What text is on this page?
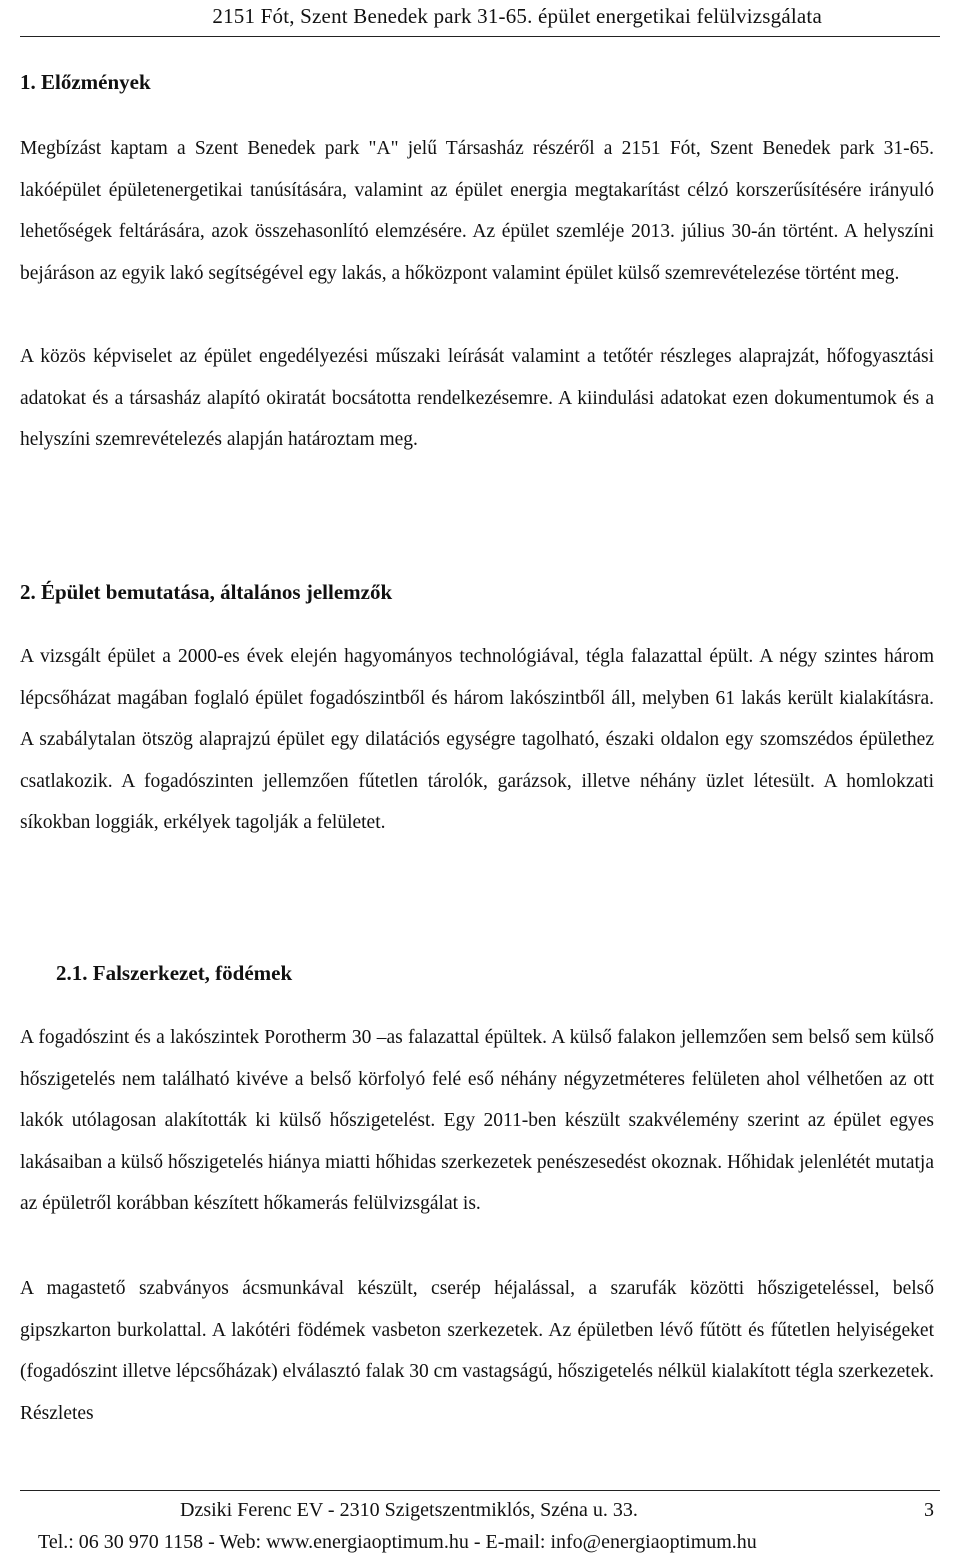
2151 Fót, Szent Benedek park 31-65. épület energetikai felülvizsgálata
1. Előzmények
Megbízást kaptam a Szent Benedek park "A" jelű Társasház részéről a 2151 Fót, Szent Benedek park 31-65. lakóépület épületenergetikai tanúsítására, valamint az épület energia megtakarítást célzó korszerűsítésére irányuló lehetőségek feltárására, azok összehasonlító elemzésére. Az épület szemléje 2013. július 30-án történt. A helyszíni bejáráson az egyik lakó segítségével egy lakás, a hőközpont valamint épület külső szemrevételezése történt meg.
A közös képviselet az épület engedélyezési műszaki leírását valamint a tetőtér részleges alaprajzát, hőfogyasztási adatokat és a társasház alapító okiratát bocsátotta rendelkezésemre. A kiindulási adatokat ezen dokumentumok és a helyszíni szemrevételezés alapján határoztam meg.
2. Épület bemutatása, általános jellemzők
A vizsgált épület a 2000-es évek elején hagyományos technológiával, tégla falazattal épült. A négy szintes három lépcsőházat magában foglaló épület fogadószintből és három lakószintből áll, melyben 61 lakás került kialakításra. A szabálytalan ötszög alaprajzú épület egy dilatációs egységre tagolható, északi oldalon egy szomszédos épülethez csatlakozik. A fogadószinten jellemzően fűtetlen tárolók, garázsok, illetve néhány üzlet létesült. A homlokzati síkokban loggiák, erkélyek tagolják a felületet.
2.1. Falszerkezet, födémek
A fogadószint és a lakószintek Porotherm 30 –as falazattal épültek. A külső falakon jellemzően sem belső sem külső hőszigetelés nem található kivéve a belső körfolyó felé eső néhány négyzetméteres felületen ahol vélhetően az ott lakók utólagosan alakították ki külső hőszigetelést. Egy 2011-ben készült szakvélemény szerint az épület egyes lakásaiban a külső hőszigetelés hiánya miatti hőhidas szerkezetek penészesedést okoznak. Hőhidak jelenlétét mutatja az épületről korábban készített hőkamerás felülvizsgálat is.
A magastető szabványos ácsmunkával készült, cserép héjalással, a szarufák közötti hőszigeteléssel, belső gipszkarton burkolattal. A lakótéri födémek vasbeton szerkezetek. Az épületben lévő fűtött és fűtetlen helyiségeket (fogadószint illetve lépcsőházak) elválasztó falak 30 cm vastagságú, hőszigetelés nélkül kialakított tégla szerkezetek. Részletes
Dzsiki Ferenc EV - 2310 Szigetszentmiklós, Széna u. 33.	3
Tel.: 06 30 970 1158 - Web: www.energiaoptimum.hu - E-mail: info@energiaoptimum.hu
